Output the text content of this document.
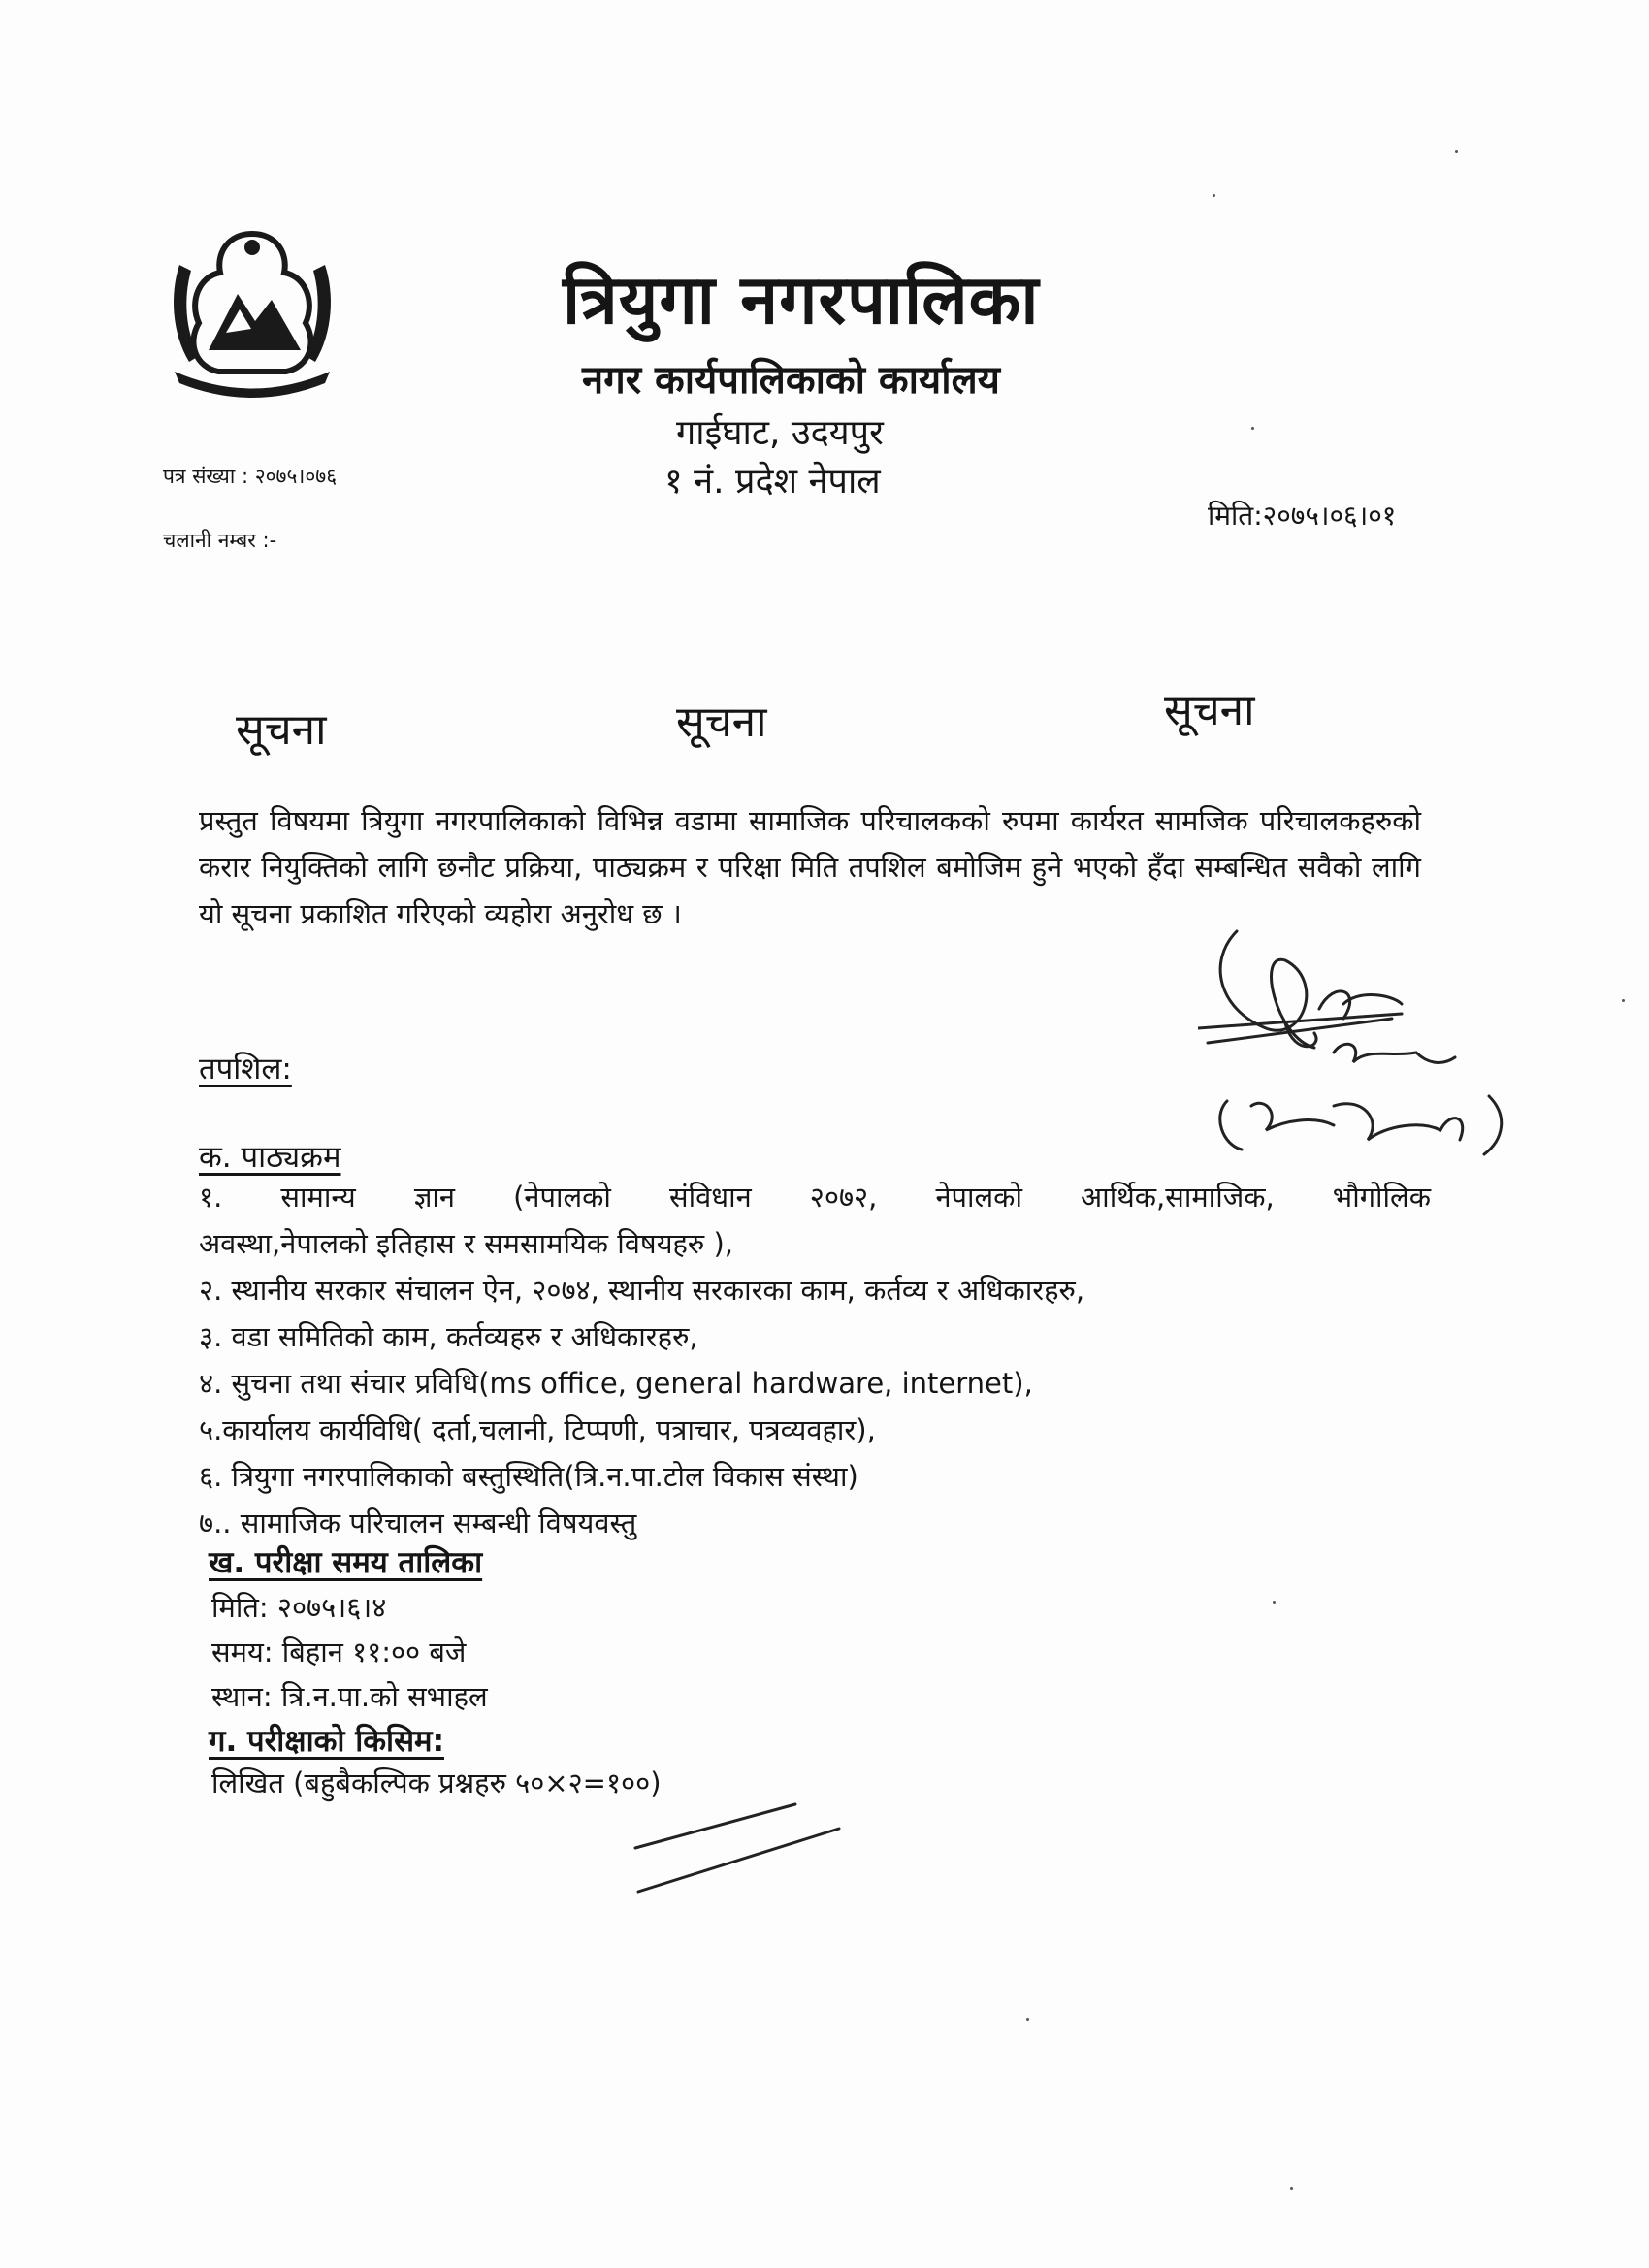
त्रियुगा नगरपालिका
नगर कार्यपालिकाको कार्यालय
गाईघाट, उदयपुर
१ नं. प्रदेश नेपाल
पत्र संख्या : २०७५।०७६
चलानी नम्बर :-
मिति:२०७५।०६।०१
सूचना	सूचना	सूचना
प्रस्तुत विषयमा त्रियुगा नगरपालिकाको विभिन्न वडामा सामाजिक परिचालकको रुपमा कार्यरत सामजिक परिचालकहरुको करार नियुक्तिको लागि छनौट प्रक्रिया, पाठ्यक्रम र परिक्षा मिति तपशिल बमोजिम हुने भएको हँदा सम्बन्धित सवैको लागि यो सूचना प्रकाशित गरिएको व्यहोरा अनुरोध छ ।
तपशिल:
क. पाठ्यक्रम
१. सामान्य ज्ञान (नेपालको संविधान २०७२, नेपालको आर्थिक,सामाजिक, भौगोलिक
अवस्था,नेपालको इतिहास र समसामयिक विषयहरु ),
२. स्थानीय सरकार संचालन ऐन, २०७४, स्थानीय सरकारका काम, कर्तव्य र अधिकारहरु,
३. वडा समितिको काम, कर्तव्यहरु र अधिकारहरु,
४. सुचना तथा संचार प्रविधि(ms office, general hardware, internet),
५.कार्यालय कार्यविधि( दर्ता,चलानी, टिप्पणी, पत्राचार, पत्रव्यवहार),
६. त्रियुगा नगरपालिकाको बस्तुस्थिति(त्रि.न.पा.टोल विकास संस्था)
७.. सामाजिक परिचालन सम्बन्धी विषयवस्तु
ख. परीक्षा समय तालिका
मिति: २०७५।६।४
समय: बिहान ११:०० बजे
स्थान: त्रि.न.पा.को सभाहल
ग. परीक्षाको किसिम:
लिखित (बहुबैकल्पिक प्रश्नहरु ५०×२=१००)
